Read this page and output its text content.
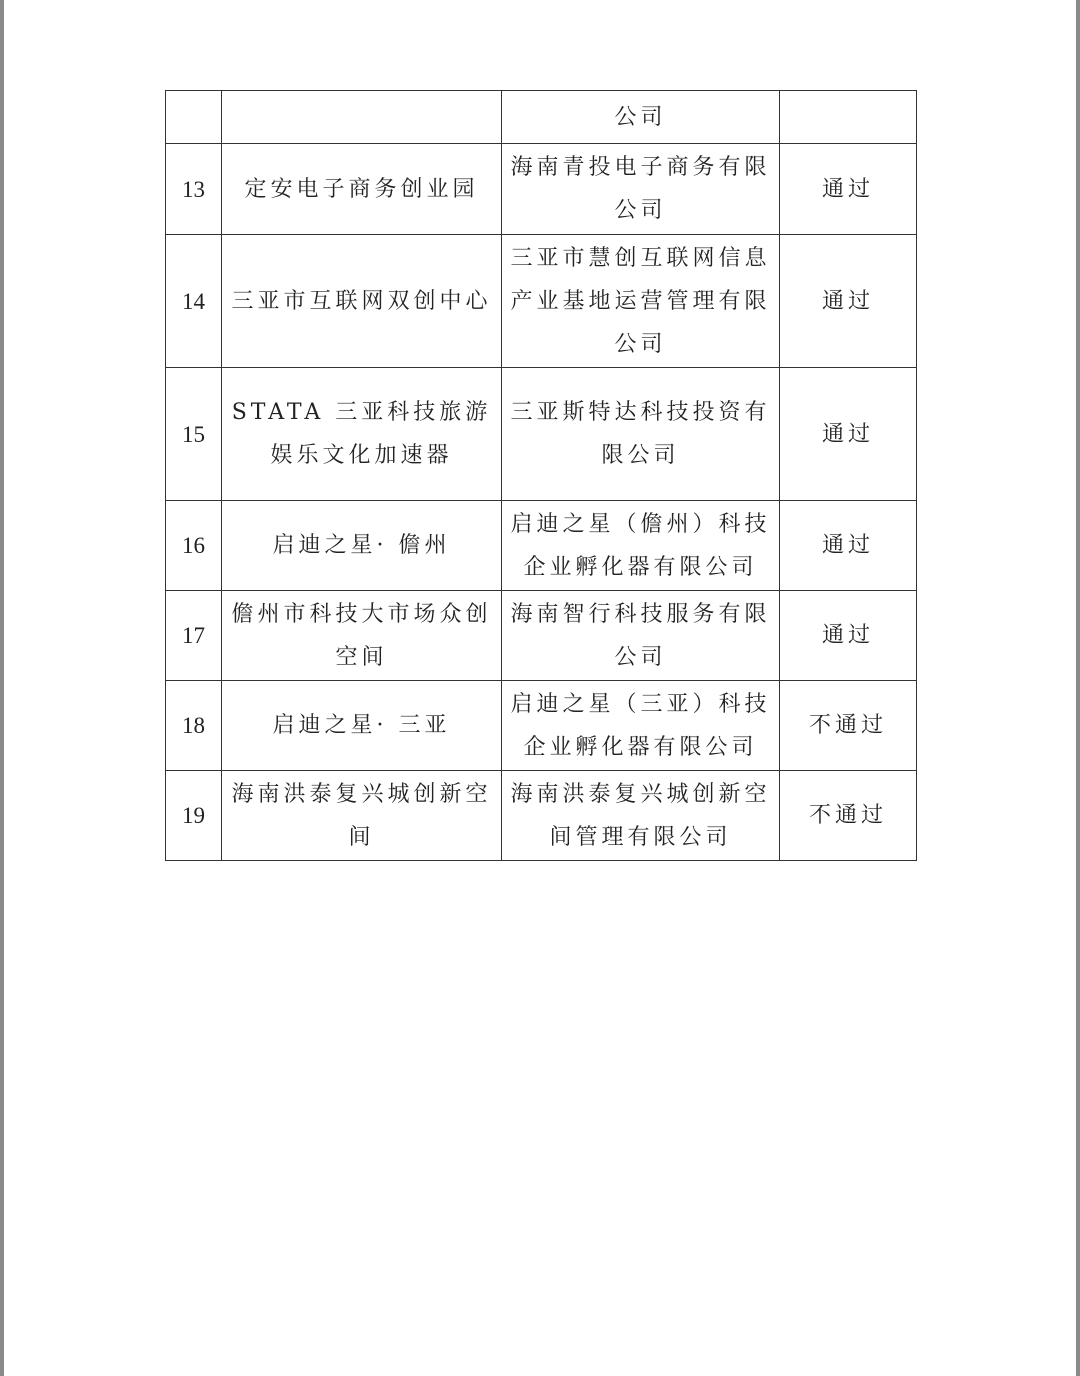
		公司	
13	定安电子商务创业园	海南青投电子商务有限公司	通过
14	三亚市互联网双创中心	三亚市慧创互联网信息产业基地运营管理有限公司	通过
15	STATA 三亚科技旅游娱乐文化加速器	三亚斯特达科技投资有限公司	通过
16	启迪之星· 儋州	启迪之星（儋州）科技企业孵化器有限公司	通过
17	儋州市科技大市场众创空间	海南智行科技服务有限公司	通过
18	启迪之星· 三亚	启迪之星（三亚）科技企业孵化器有限公司	不通过
19	海南洪泰复兴城创新空间	海南洪泰复兴城创新空间管理有限公司	不通过
